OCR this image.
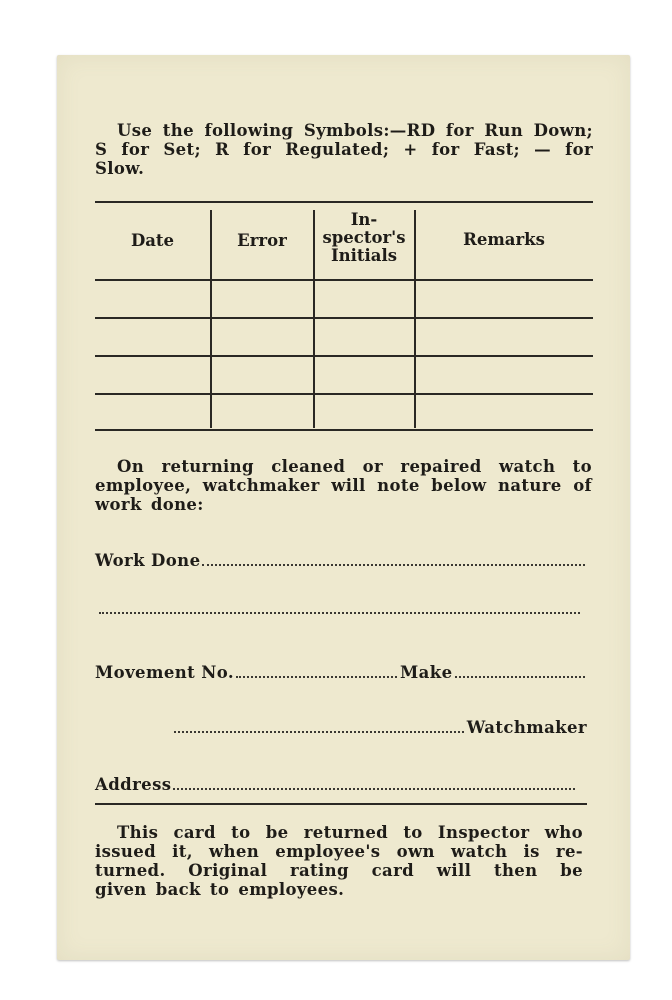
Use the following Symbols:—RD for Run Down; S for Set; R for Regulated; + for Fast; — for Slow.
Date	Error
In-
spector's
Initials
Remarks
On returning cleaned or repaired watch to employee, watchmaker will note below nature of work done:
Work Done
Movement No.	Make
Watchmaker
Address
This card to be returned to Inspector who
issued it, when employee's own watch is re-
turned. Original rating card will then be
given back to employees.
